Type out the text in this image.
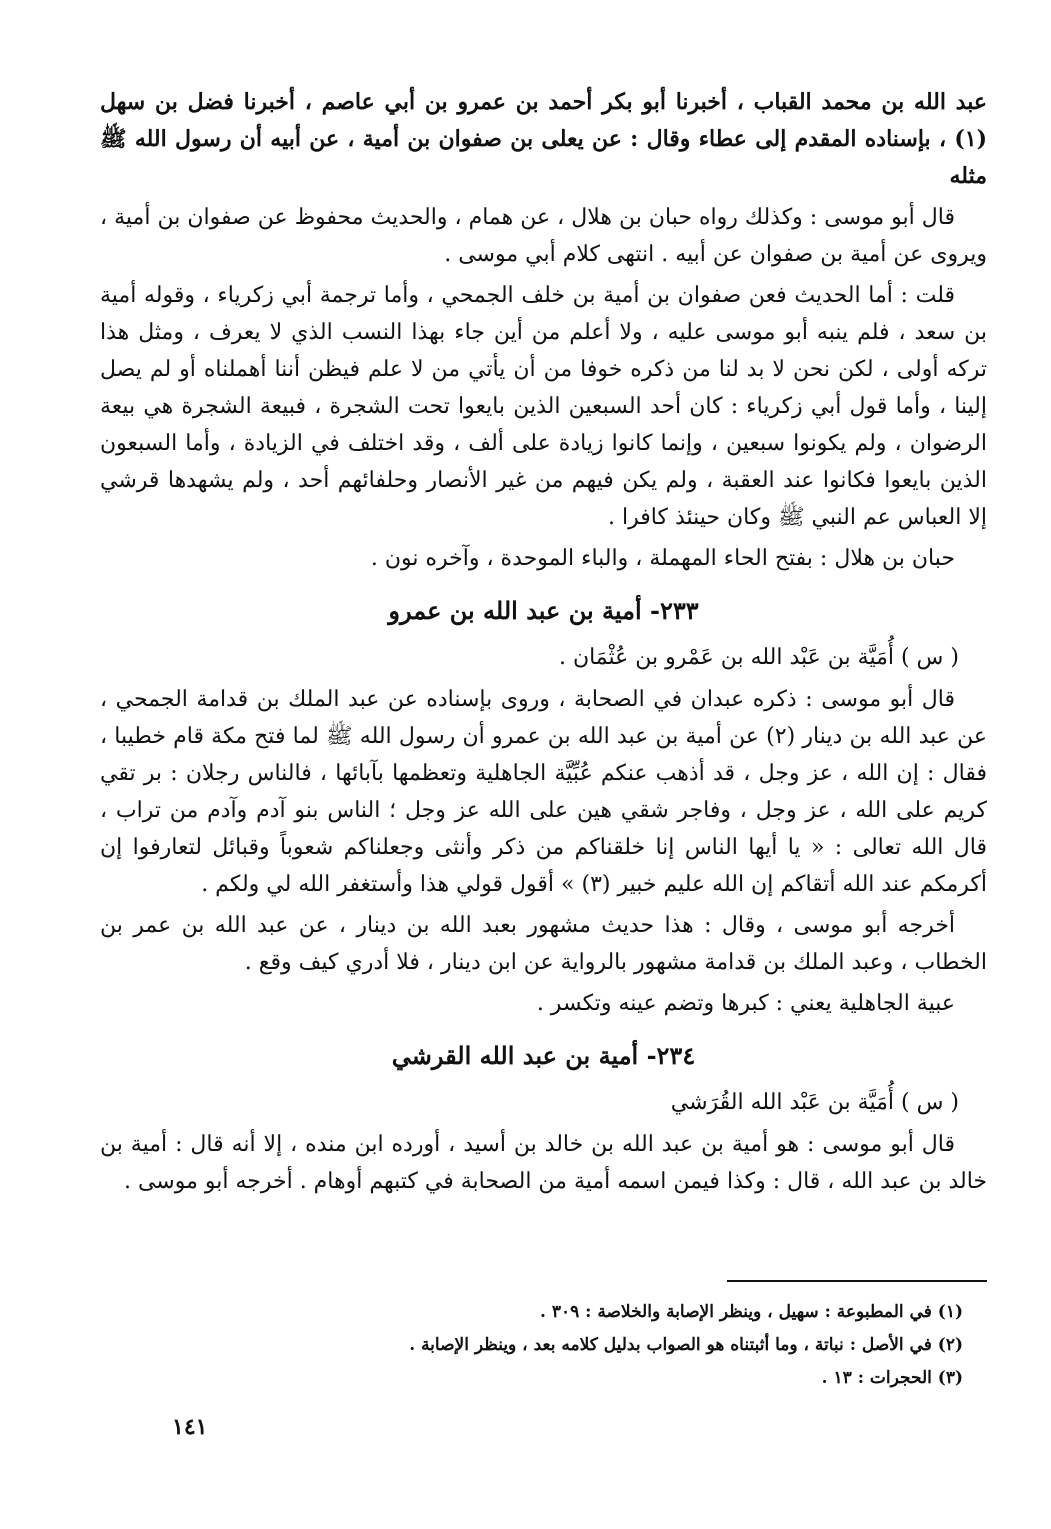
عبد الله بن محمد القباب ، أخبرنا أبو بكر أحمد بن عمرو بن أبي عاصم ، أخبرنا فضل بن سهل (١) ، بإسناده المقدم إلى عطاء وقال : عن يعلى بن صفوان بن أمية ، عن أبيه أن رسول الله ﷺ مثله

قال أبو موسى : وكذلك رواه حبان بن هلال ، عن همام ، والحديث محفوظ عن صفوان بن أمية ، ويروى عن أمية بن صفوان عن أبيه . انتهى كلام أبي موسى .

قلت : أما الحديث فعن صفوان بن أمية بن خلف الجمحي ، وأما ترجمة أبي زكرياء ، وقوله أمية بن سعد ، فلم ينبه أبو موسى عليه ، ولا أعلم من أين جاء بهذا النسب الذي لا يعرف ، ومثل هذا تركه أولى ، لكن نحن لا بد لنا من ذكره خوفا من أن يأتي من لا علم فيظن أننا أهملناه أو لم يصل إلينا ، وأما قول أبي زكرياء : كان أحد السبعين الذين بايعوا تحت الشجرة ، فبيعة الشجرة هي بيعة الرضوان ، ولم يكونوا سبعين ، وإنما كانوا زيادة على ألف ، وقد اختلف في الزيادة ، وأما السبعون الذين بايعوا فكانوا عند العقبة ، ولم يكن فيهم من غير الأنصار وحلفائهم أحد ، ولم يشهدها قرشي إلا العباس عم النبي ﷺ وكان حينئذ كافرا .

حبان بن هلال : بفتح الحاء المهملة ، والباء الموحدة ، وآخره نون .

٢٣٣- أمية بن عبد الله بن عمرو

( س ) أُمَيَّة بن عَبْد الله بن عَمْرو بن عُثْمَان .

قال أبو موسى : ذكره عبدان في الصحابة ، وروى بإسناده عن عبد الملك بن قدامة الجمحي ، عن عبد الله بن دينار (٢) عن أمية بن عبد الله بن عمرو أن رسول الله ﷺ لما فتح مكة قام خطيبا ، فقال : إن الله ، عز وجل ، قد أذهب عنكم عُبِّيَّة الجاهلية وتعظمها بآبائها ، فالناس رجلان : بر تقي كريم على الله ، عز وجل ، وفاجر شقي هين على الله عز وجل ؛ الناس بنو آدم وآدم من تراب ، قال الله تعالى : « يا أيها الناس إنا خلقناكم من ذكر وأنثى وجعلناكم شعوباً وقبائل لتعارفوا إن أكرمكم عند الله أتقاكم إن الله عليم خبير (٣) » أقول قولي هذا وأستغفر الله لي ولكم .

أخرجه أبو موسى ، وقال : هذا حديث مشهور بعبد الله بن دينار ، عن عبد الله بن عمر بن الخطاب ، وعبد الملك بن قدامة مشهور بالرواية عن ابن دينار ، فلا أدري كيف وقع .

عبية الجاهلية يعني : كبرها وتضم عينه وتكسر .

٢٣٤- أمية بن عبد الله القرشي

( س ) أُمَيَّة بن عَبْد الله القُرَشي

قال أبو موسى : هو أمية بن عبد الله بن خالد بن أسيد ، أورده ابن منده ، إلا أنه قال : أمية بن خالد بن عبد الله ، قال : وكذا فيمن اسمه أمية من الصحابة في كتبهم أوهام . أخرجه أبو موسى .

(١) في المطبوعة : سهيل ، وينظر الإصابة والخلاصة : ٣٠٩ .

(٢) في الأصل : نباتة ، وما أثبتناه هو الصواب بدليل كلامه بعد ، وينظر الإصابة .

(٣) الحجرات : ١٣ .

١٤١
